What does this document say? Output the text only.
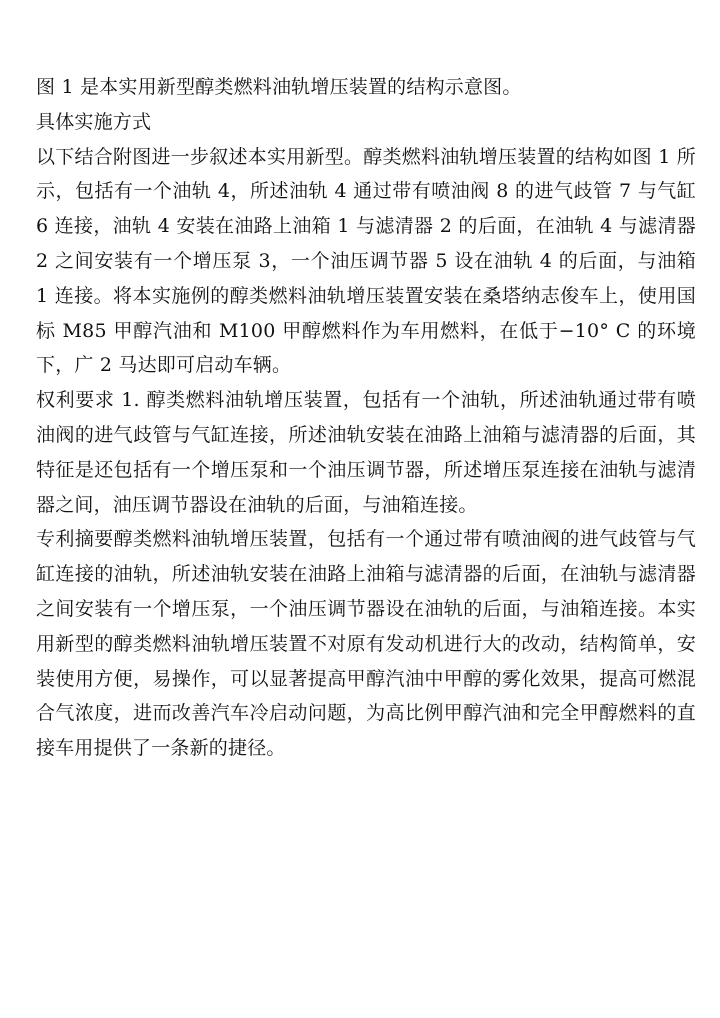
图 1 是本实用新型醇类燃料油轨增压装置的结构示意图。

具体实施方式

以下结合附图进一步叙述本实用新型。醇类燃料油轨增压装置的结构如图 1 所示，包括有一个油轨 4，所述油轨 4 通过带有喷油阀 8 的进气歧管 7 与气缸 6 连接，油轨 4 安装在油路上油箱 1 与滤清器 2 的后面，在油轨 4 与滤清器 2 之间安装有一个增压泵 3，一个油压调节器 5 设在油轨 4 的后面，与油箱 1 连接。将本实施例的醇类燃料油轨增压装置安装在桑塔纳志俊车上，使用国标 M85 甲醇汽油和 M100 甲醇燃料作为车用燃料，在低于−10° C 的环境下，广 2 马达即可启动车辆。

权利要求 1. 醇类燃料油轨增压装置，包括有一个油轨，所述油轨通过带有喷油阀的进气歧管与气缸连接，所述油轨安装在油路上油箱与滤清器的后面，其特征是还包括有一个增压泵和一个油压调节器，所述增压泵连接在油轨与滤清器之间，油压调节器设在油轨的后面，与油箱连接。

专利摘要醇类燃料油轨增压装置，包括有一个通过带有喷油阀的进气歧管与气缸连接的油轨，所述油轨安装在油路上油箱与滤清器的后面，在油轨与滤清器之间安装有一个增压泵，一个油压调节器设在油轨的后面，与油箱连接。本实用新型的醇类燃料油轨增压装置不对原有发动机进行大的改动，结构简单，安装使用方便，易操作，可以显著提高甲醇汽油中甲醇的雾化效果，提高可燃混合气浓度，进而改善汽车冷启动问题，为高比例甲醇汽油和完全甲醇燃料的直接车用提供了一条新的捷径。
